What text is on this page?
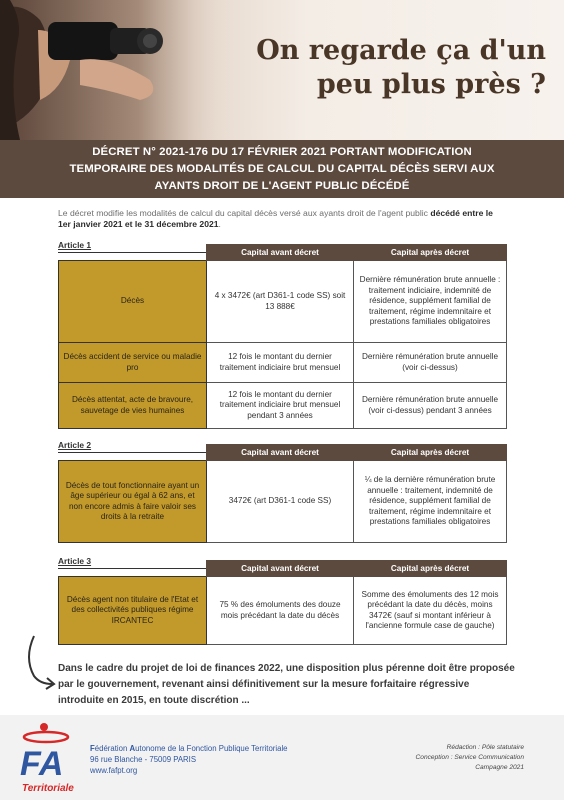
On regarde ça d'un
peu plus près ?
DÉCRET N° 2021-176 DU 17 FÉVRIER 2021 PORTANT MODIFICATION
TEMPORAIRE DES MODALITÉS DE CALCUL DU CAPITAL DÉCÈS SERVI AUX
AYANTS DROIT DE L'AGENT PUBLIC DÉCÉDÉ
Le décret modifie les modalités de calcul du capital décès versé aux ayants droit de l'agent public décédé entre le 1er janvier 2021 et le 31 décembre 2021.
Article 1
	Capital avant décret	Capital après décret
Décès	4 x 3472€ (art D361-1 code SS) soit 13 888€	Dernière rémunération brute annuelle : traitement indiciaire, indemnité de résidence, supplément familial de traitement, régime indemnitaire et prestations familiales obligatoires
Décès accident de service ou maladie pro	12 fois le montant du dernier traitement indiciaire brut mensuel	Dernière rémunération brute annuelle (voir ci-dessus)
Décès attentat, acte de bravoure, sauvetage de vies humaines	12 fois le montant du dernier traitement indiciaire brut mensuel pendant 3 années	Dernière rémunération brute annuelle (voir ci-dessus) pendant 3 années
Article 2
	Capital avant décret	Capital après décret
Décès de tout fonctionnaire ayant un âge supérieur ou égal à 62 ans, et non encore admis à faire valoir ses droits à la retraite	3472€ (art D361-1 code SS)	¼ de la dernière rémunération brute annuelle : traitement, indemnité de résidence, supplément familial de traitement, régime indemnitaire et prestations familiales obligatoires
Article 3
	Capital avant décret	Capital après décret
Décès agent non titulaire de l'Etat et des collectivités publiques régime IRCANTEC	75 % des émoluments des douze mois précédant la date du décès	Somme des émoluments des 12 mois précédant la date du décès, moins 3472€ (sauf si montant inférieur à l'ancienne formule case de gauche)
Dans le cadre du projet de loi de finances 2022, une disposition plus pérenne doit être proposée par le gouvernement, revenant ainsi définitivement sur la mesure forfaitaire régressive introduite en 2015, en toute discrétion ...
FA
Territoriale
Fédération Autonome de la Fonction Publique Territoriale
96 rue Blanche - 75009 PARIS
www.fafpt.org
Rédaction : Pôle statutaire
Conception : Service Communication
Campagne 2021
